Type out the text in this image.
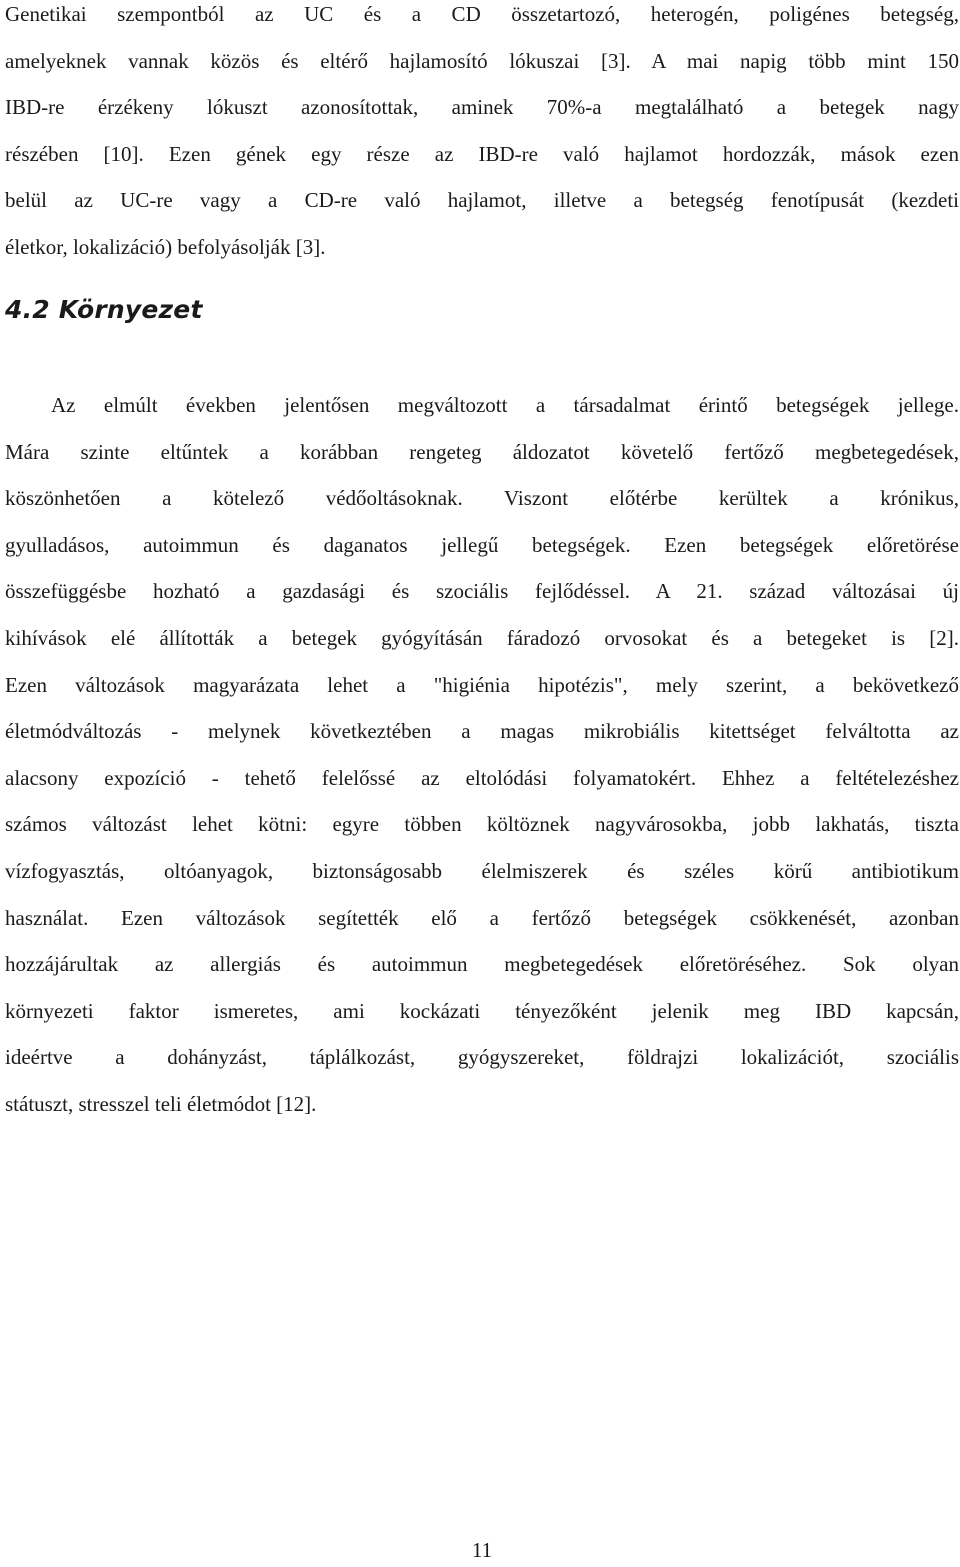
Genetikai szempontból az UC és a CD összetartozó, heterogén, poligénes betegség,
amelyeknek vannak közös és eltérő hajlamosító lókuszai [3]. A mai napig több mint 150
IBD-re érzékeny lókuszt azonosítottak, aminek 70%-a megtalálható a betegek nagy
részében [10]. Ezen gének egy része az IBD-re való hajlamot hordozzák, mások ezen
belül az UC-re vagy a CD-re való hajlamot, illetve a betegség fenotípusát (kezdeti
életkor, lokalizáció) befolyásolják [3].

4.2 Környezet

Az elmúlt években jelentősen megváltozott a társadalmat érintő betegségek jellege.
Mára szinte eltűntek a korábban rengeteg áldozatot követelő fertőző megbetegedések,
köszönhetően a kötelező védőoltásoknak. Viszont előtérbe kerültek a krónikus,
gyulladásos, autoimmun és daganatos jellegű betegségek. Ezen betegségek előretörése
összefüggésbe hozható a gazdasági és szociális fejlődéssel. A 21. század változásai új
kihívások elé állították a betegek gyógyításán fáradozó orvosokat és a betegeket is [2].
Ezen változások magyarázata lehet a "higiénia hipotézis", mely szerint, a bekövetkező
életmódváltozás - melynek következtében a magas mikrobiális kitettséget felváltotta az
alacsony expozíció - tehető felelőssé az eltolódási folyamatokért. Ehhez a feltételezéshez
számos változást lehet kötni: egyre többen költöznek nagyvárosokba, jobb lakhatás, tiszta
vízfogyasztás, oltóanyagok, biztonságosabb élelmiszerek és széles körű antibiotikum
használat. Ezen változások segítették elő a fertőző betegségek csökkenését, azonban
hozzájárultak az allergiás és autoimmun megbetegedések előretöréséhez. Sok olyan
környezeti faktor ismeretes, ami kockázati tényezőként jelenik meg IBD kapcsán,
ideértve a dohányzást, táplálkozást, gyógyszereket, földrajzi lokalizációt, szociális
státuszt, stresszel teli életmódot [12].

11
